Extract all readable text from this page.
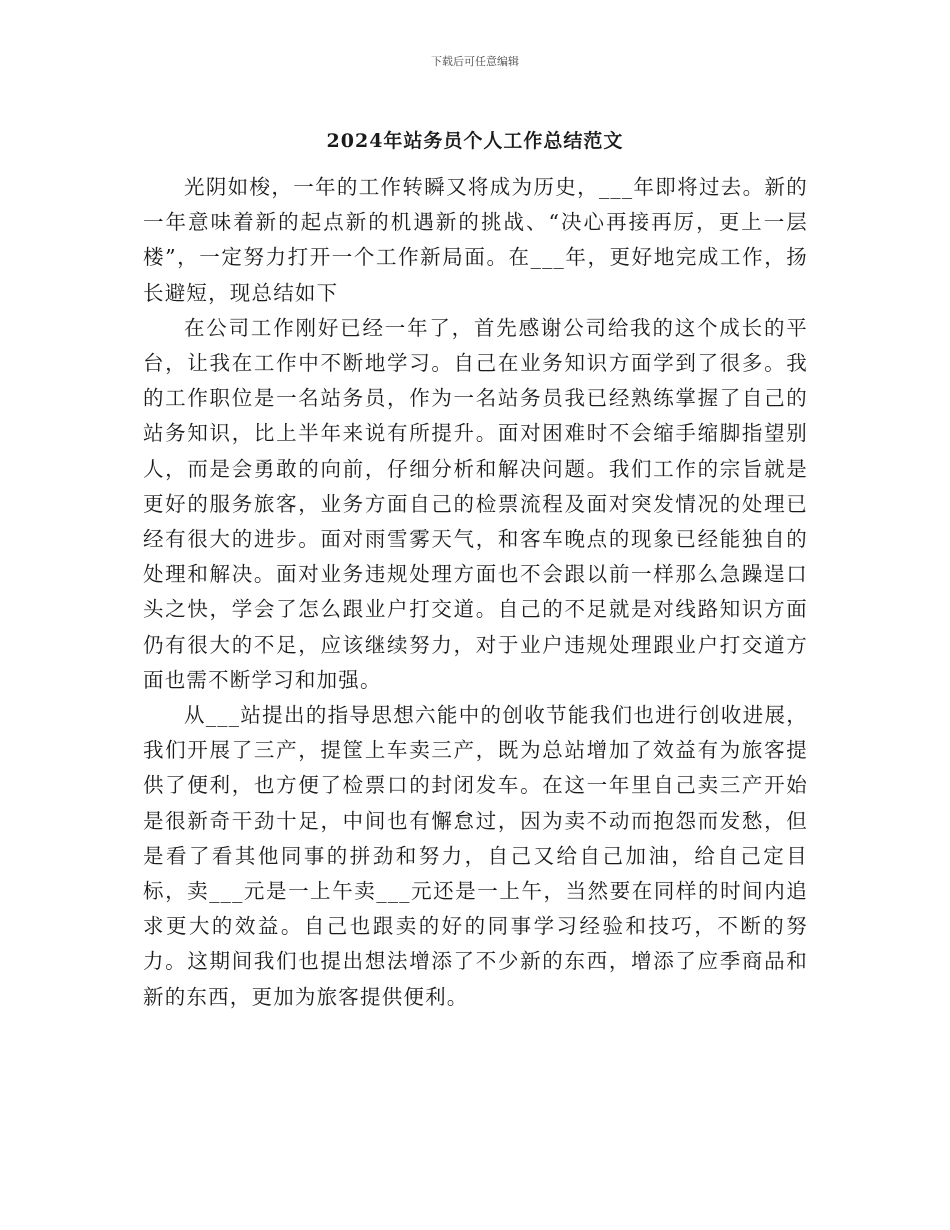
下载后可任意编辑
2024年站务员个人工作总结范文

光阴如梭，一年的工作转瞬又将成为历史，___年即将过去。新的一年意味着新的起点新的机遇新的挑战、“决心再接再厉，更上一层楼”，一定努力打开一个工作新局面。在___年，更好地完成工作，扬长避短，现总结如下

在公司工作刚好已经一年了，首先感谢公司给我的这个成长的平台，让我在工作中不断地学习。自己在业务知识方面学到了很多。我的工作职位是一名站务员，作为一名站务员我已经熟练掌握了自己的站务知识，比上半年来说有所提升。面对困难时不会缩手缩脚指望别人，而是会勇敢的向前，仔细分析和解决问题。我们工作的宗旨就是更好的服务旅客，业务方面自己的检票流程及面对突发情况的处理已经有很大的进步。面对雨雪雾天气，和客车晚点的现象已经能独自的处理和解决。面对业务违规处理方面也不会跟以前一样那么急躁逞口头之快，学会了怎么跟业户打交道。自己的不足就是对线路知识方面仍有很大的不足，应该继续努力，对于业户违规处理跟业户打交道方面也需不断学习和加强。

从___站提出的指导思想六能中的创收节能我们也进行创收进展，我们开展了三产，提筐上车卖三产，既为总站增加了效益有为旅客提供了便利，也方便了检票口的封闭发车。在这一年里自己卖三产开始是很新奇干劲十足，中间也有懈怠过，因为卖不动而抱怨而发愁，但是看了看其他同事的拼劲和努力，自己又给自己加油，给自己定目标，卖___元是一上午卖___元还是一上午，当然要在同样的时间内追求更大的效益。自己也跟卖的好的同事学习经验和技巧，不断的努力。这期间我们也提出想法增添了不少新的东西，增添了应季商品和新的东西，更加为旅客提供便利。
